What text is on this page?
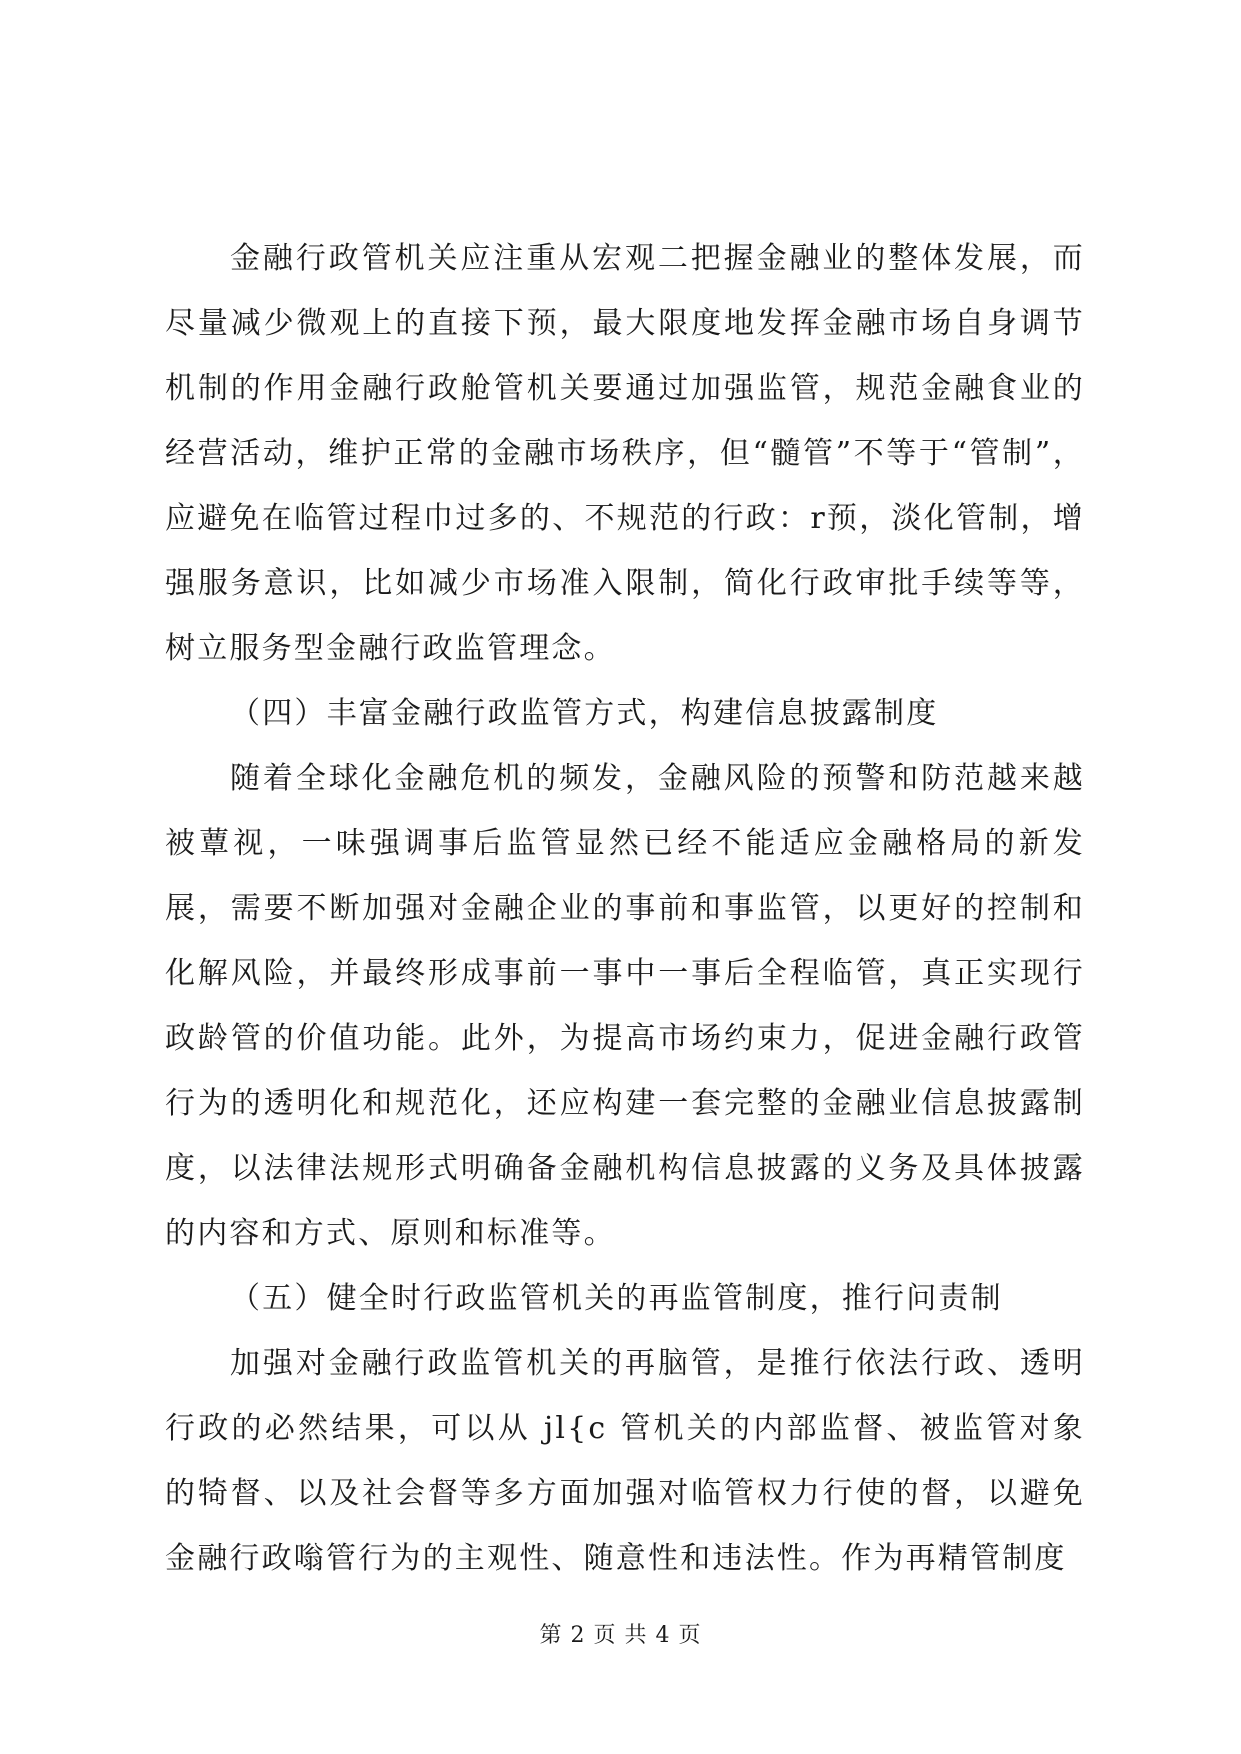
金融行政管机关应注重从宏观二把握金融业的整体发展，而尽量减少微观上的直接下预，最大限度地发挥金融市场自身调节机制的作用金融行政舱管机关要通过加强监管，规范金融食业的经营活动，维护正常的金融市场秩序，但“髓管”不等于“管制”，应避免在临管过程巾过多的、不规范的行政：r预，淡化管制，增强服务意识，比如减少市场准入限制，简化行政审批手续等等，树立服务型金融行政监管理念。

（四）丰富金融行政监管方式，构建信息披露制度

随着全球化金融危机的频发，金融风险的预警和防范越来越被蕈视，一味强调事后监管显然已经不能适应金融格局的新发展，需要不断加强对金融企业的事前和事监管，以更好的控制和化解风险，并最终形成事前一事中一事后全程临管，真正实现行政龄管的价值功能。此外，为提高市场约束力，促进金融行政管行为的透明化和规范化，还应构建一套完整的金融业信息披露制度，以法律法规形式明确备金融机构信息披露的义务及具体披露的内容和方式、原则和标准等。

（五）健全时行政监管机关的再监管制度，推行问责制

加强对金融行政监管机关的再脑管，是推行依法行政、透明行政的必然结果，可以从 jl{c 管机关的内部监督、被监管对象的犄督、以及社会督等多方面加强对临管权力行使的督，以避免金融行政嗡管行为的主观性、随意性和违法性。作为再精管制度

第 2 页 共 4 页
